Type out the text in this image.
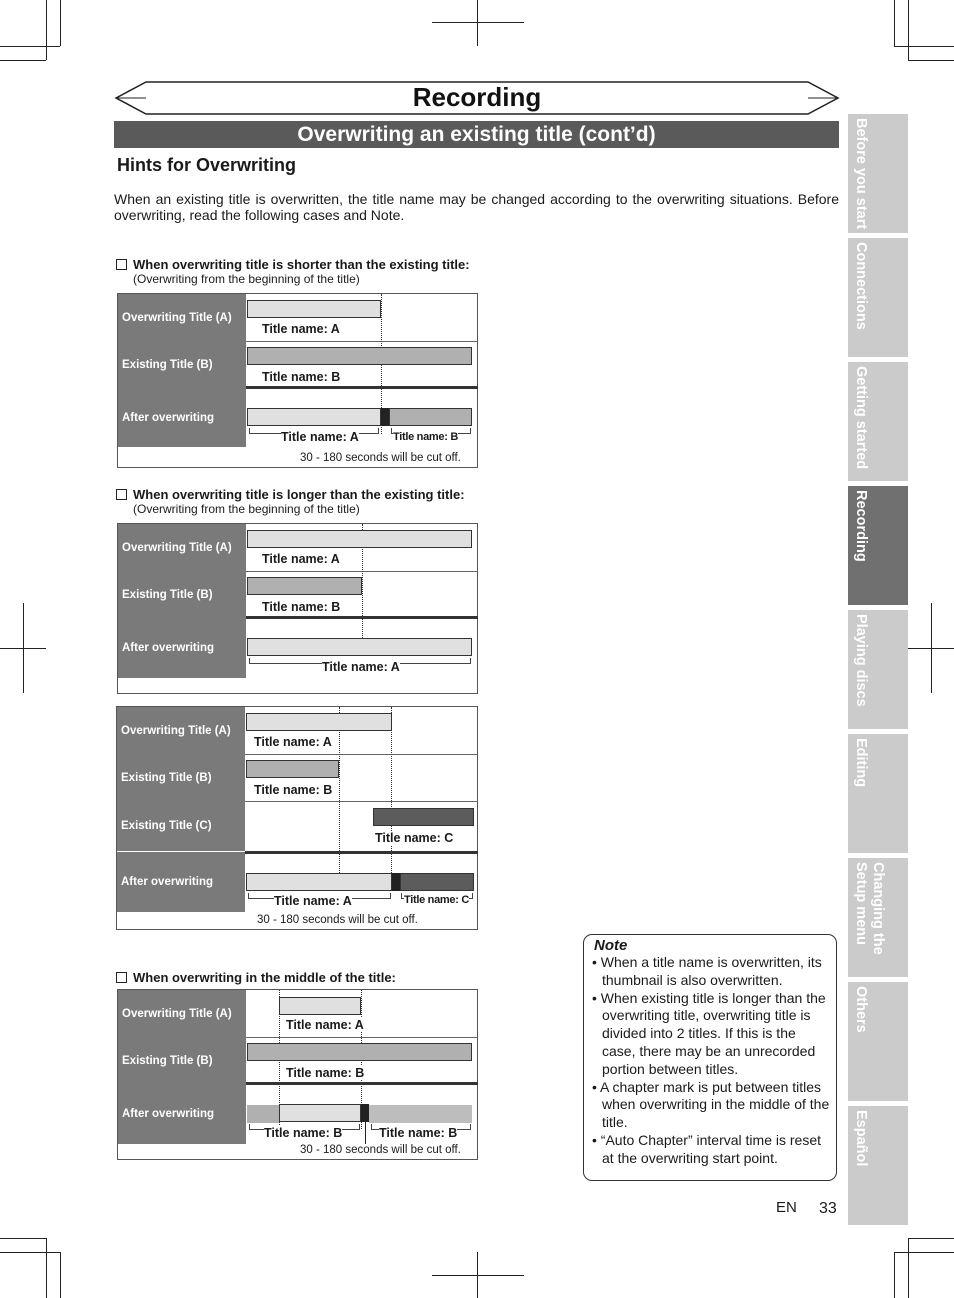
Recording
Overwriting an existing title (cont’d)
Hints for Overwriting
When an existing title is overwritten, the title name may be changed according to the overwriting situations. Before overwriting, read the following cases and Note.
When overwriting title is shorter than the existing title:
(Overwriting from the beginning of the title)
Overwriting Title (A)
Existing Title (B)
After overwriting
Title name: A
Title name: B
Title name: A	Title name: B
30 - 180 seconds will be cut off.
When overwriting title is longer than the existing title:
(Overwriting from the beginning of the title)
Overwriting Title (A)
Existing Title (B)
After overwriting
Title name: A
Title name: B
Title name: A
Overwriting Title (A)
Existing Title (B)
Existing Title (C)
After overwriting
Title name: A
Title name: B
Title name: C
Title name: A	Title name: C
30 - 180 seconds will be cut off.
When overwriting in the middle of the title:
Overwriting Title (A)
Existing Title (B)
After overwriting
Title name: A
Title name: B
Title name: B	Title name: B
30 - 180 seconds will be cut off.
Note
• When a title name is overwritten, its thumbnail is also overwritten.
• When existing title is longer than the overwriting title, overwriting title is divided into 2 titles. If this is the case, there may be an unrecorded portion between titles.
• A chapter mark is put between titles when overwriting in the middle of the title.
• “Auto Chapter” interval time is reset at the overwriting start point.
Before you start
Connections
Getting started
Recording
Playing discs
Editing
Changing the
Setup menu
Others
Español
EN 33
